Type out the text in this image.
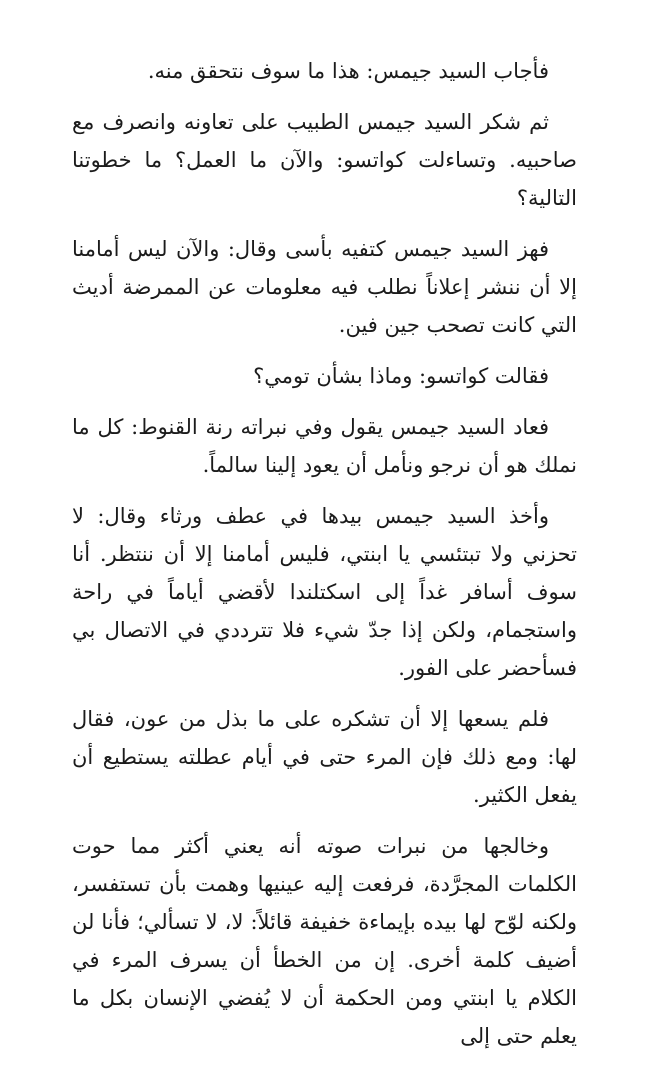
فأجاب السيد جيمس: هذا ما سوف نتحقق منه.

ثم شكر السيد جيمس الطبيب على تعاونه وانصرف مع صاحبيه. وتساءلت كواتسو: والآن ما العمل؟ ما خطوتنا التالية؟

فهز السيد جيمس كتفيه بأسى وقال: والآن ليس أمامنا إلا أن ننشر إعلاناً نطلب فيه معلومات عن الممرضة أديث التي كانت تصحب جين فين.

فقالت كواتسو: وماذا بشأن تومي؟

فعاد السيد جيمس يقول وفي نبراته رنة القنوط: كل ما نملك هو أن نرجو ونأمل أن يعود إلينا سالماً.

وأخذ السيد جيمس بيدها في عطف ورثاء وقال: لا تحزني ولا تبتئسي يا ابنتي، فليس أمامنا إلا أن ننتظر. أنا سوف أسافر غداً إلى اسكتلندا لأقضي أياماً في راحة واستجمام، ولكن إذا جدّ شيء فلا تترددي في الاتصال بي فسأحضر على الفور.

فلم يسعها إلا أن تشكره على ما بذل من عون، فقال لها: ومع ذلك فإن المرء حتى في أيام عطلته يستطيع أن يفعل الكثير.

وخالجها من نبرات صوته أنه يعني أكثر مما حوت الكلمات المجرَّدة، فرفعت إليه عينيها وهمت بأن تستفسر، ولكنه لوّح لها بيده بإيماءة خفيفة قائلاً: لا، لا تسألي؛ فأنا لن أضيف كلمة أخرى. إن من الخطأ أن يسرف المرء في الكلام يا ابنتي ومن الحكمة أن لا يُفضي الإنسان بكل ما يعلم حتى إلى
